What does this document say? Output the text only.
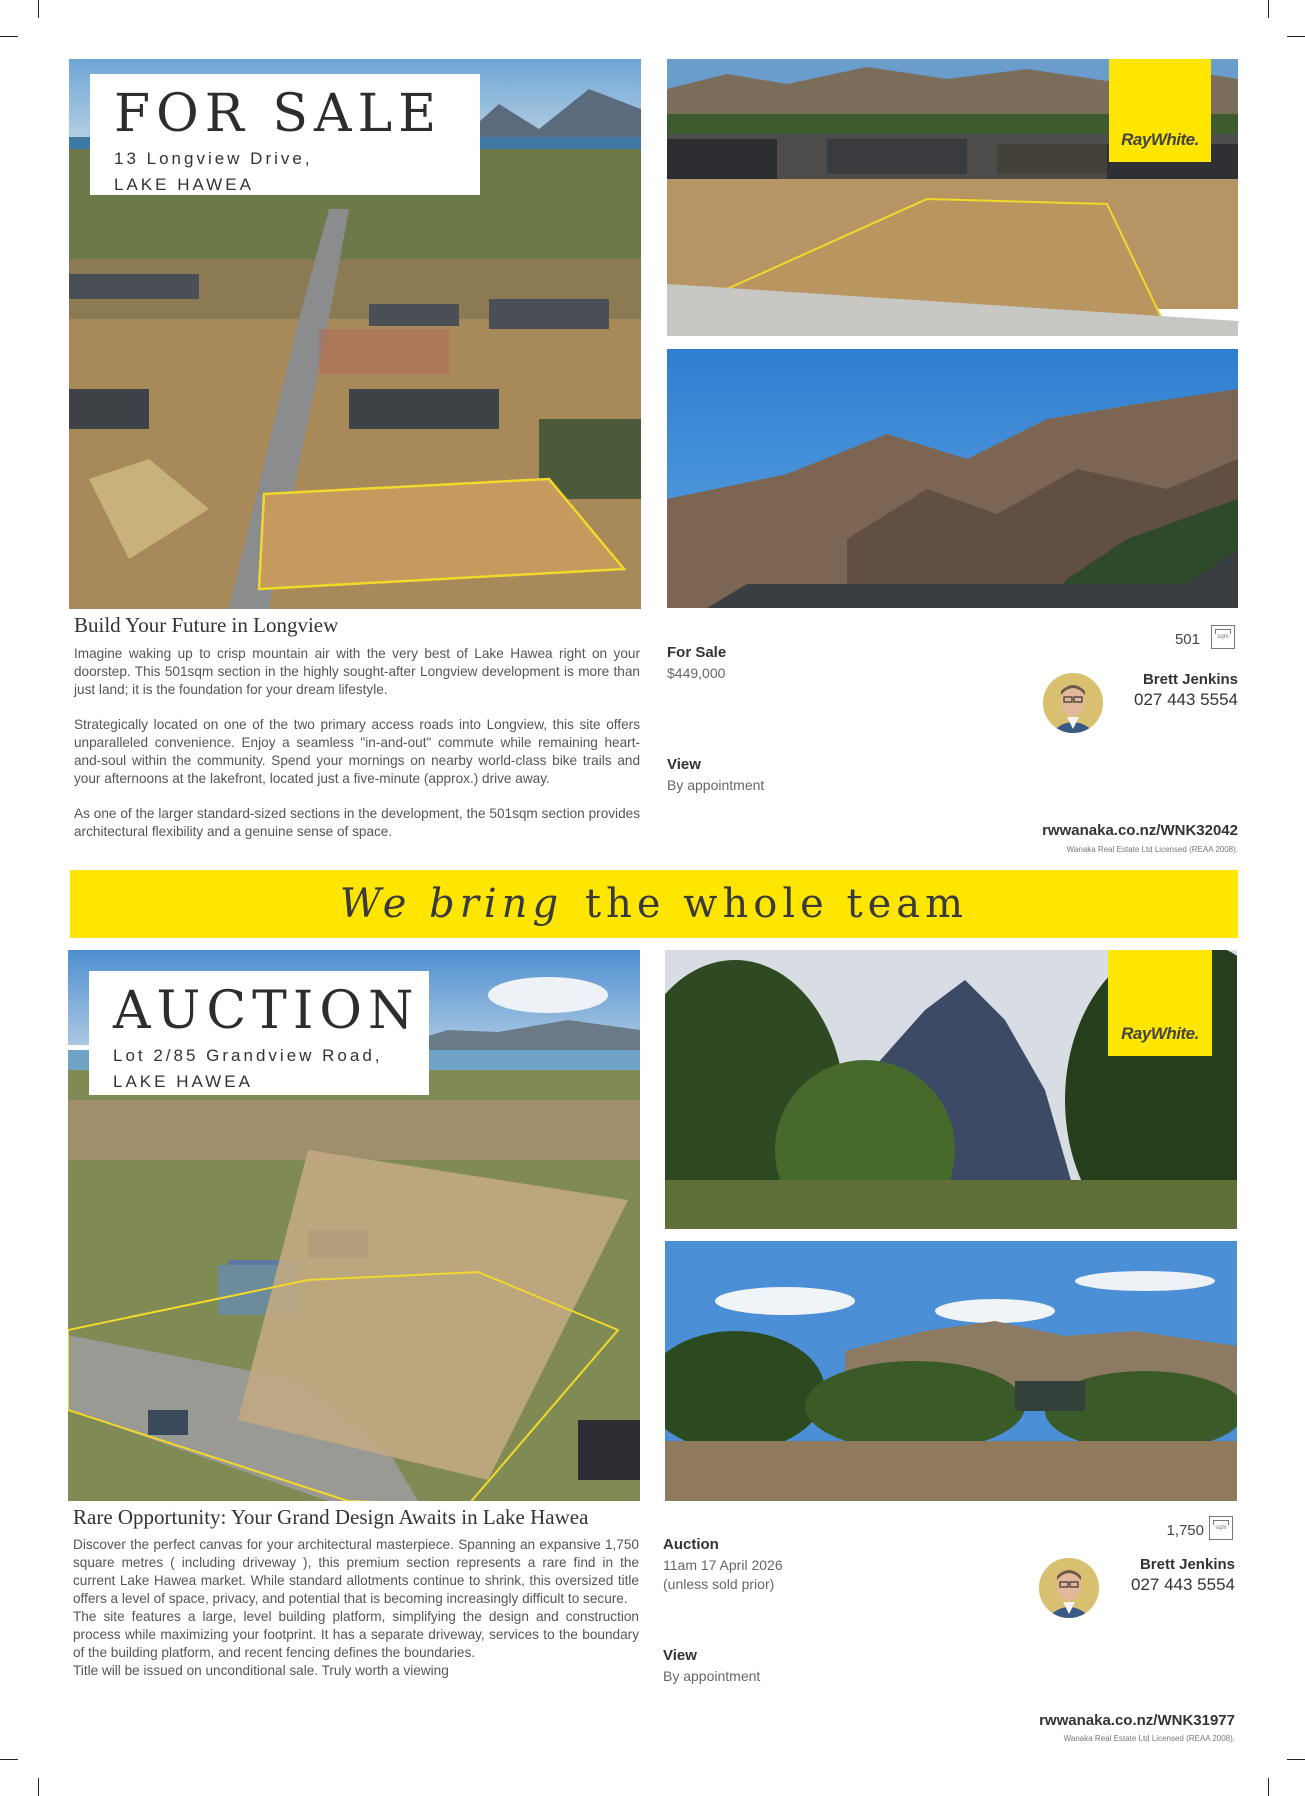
FOR SALE
13 Longview Drive,
LAKE HAWEA
RayWhite.
Build Your Future in Longview

Imagine waking up to crisp mountain air with the very best of Lake Hawea right on your doorstep. This 501sqm section in the highly sought-after Longview development is more than just land; it is the foundation for your dream lifestyle.

Strategically located on one of the two primary access roads into Longview, this site offers unparalleled convenience. Enjoy a seamless "in-and-out" commute while remaining heart-and-soul within the community. Spend your mornings on nearby world-class bike trails and your afternoons at the lakefront, located just a five-minute (approx.) drive away.

As one of the larger standard-sized sections in the development, the 501sqm section provides architectural flexibility and a genuine sense of space.

For Sale
$449,000
View
By appointment
501	sqm
Brett Jenkins
027 443 5554
rwwanaka.co.nz/WNK32042
Wanaka Real Estate Ltd Licensed (REAA 2008).
We bring the whole team
AUCTION
Lot 2/85 Grandview Road,
LAKE HAWEA
RayWhite.
Rare Opportunity: Your Grand Design Awaits in Lake Hawea

Discover the perfect canvas for your architectural masterpiece. Spanning an expansive 1,750 square metres ( including driveway ), this premium section represents a rare find in the current Lake Hawea market. While standard allotments continue to shrink, this oversized title offers a level of space, privacy, and potential that is becoming increasingly difficult to secure.

The site features a large, level building platform, simplifying the design and construction process while maximizing your footprint. It has a separate driveway, services to the boundary of the building platform, and recent fencing defines the boundaries.

Title will be issued on unconditional sale. Truly worth a viewing

Auction
11am 17 April 2026
(unless sold prior)
View
By appointment
1,750 sqm
Brett Jenkins
027 443 5554
rwwanaka.co.nz/WNK31977
Wanaka Real Estate Ltd Licensed (REAA 2008).
